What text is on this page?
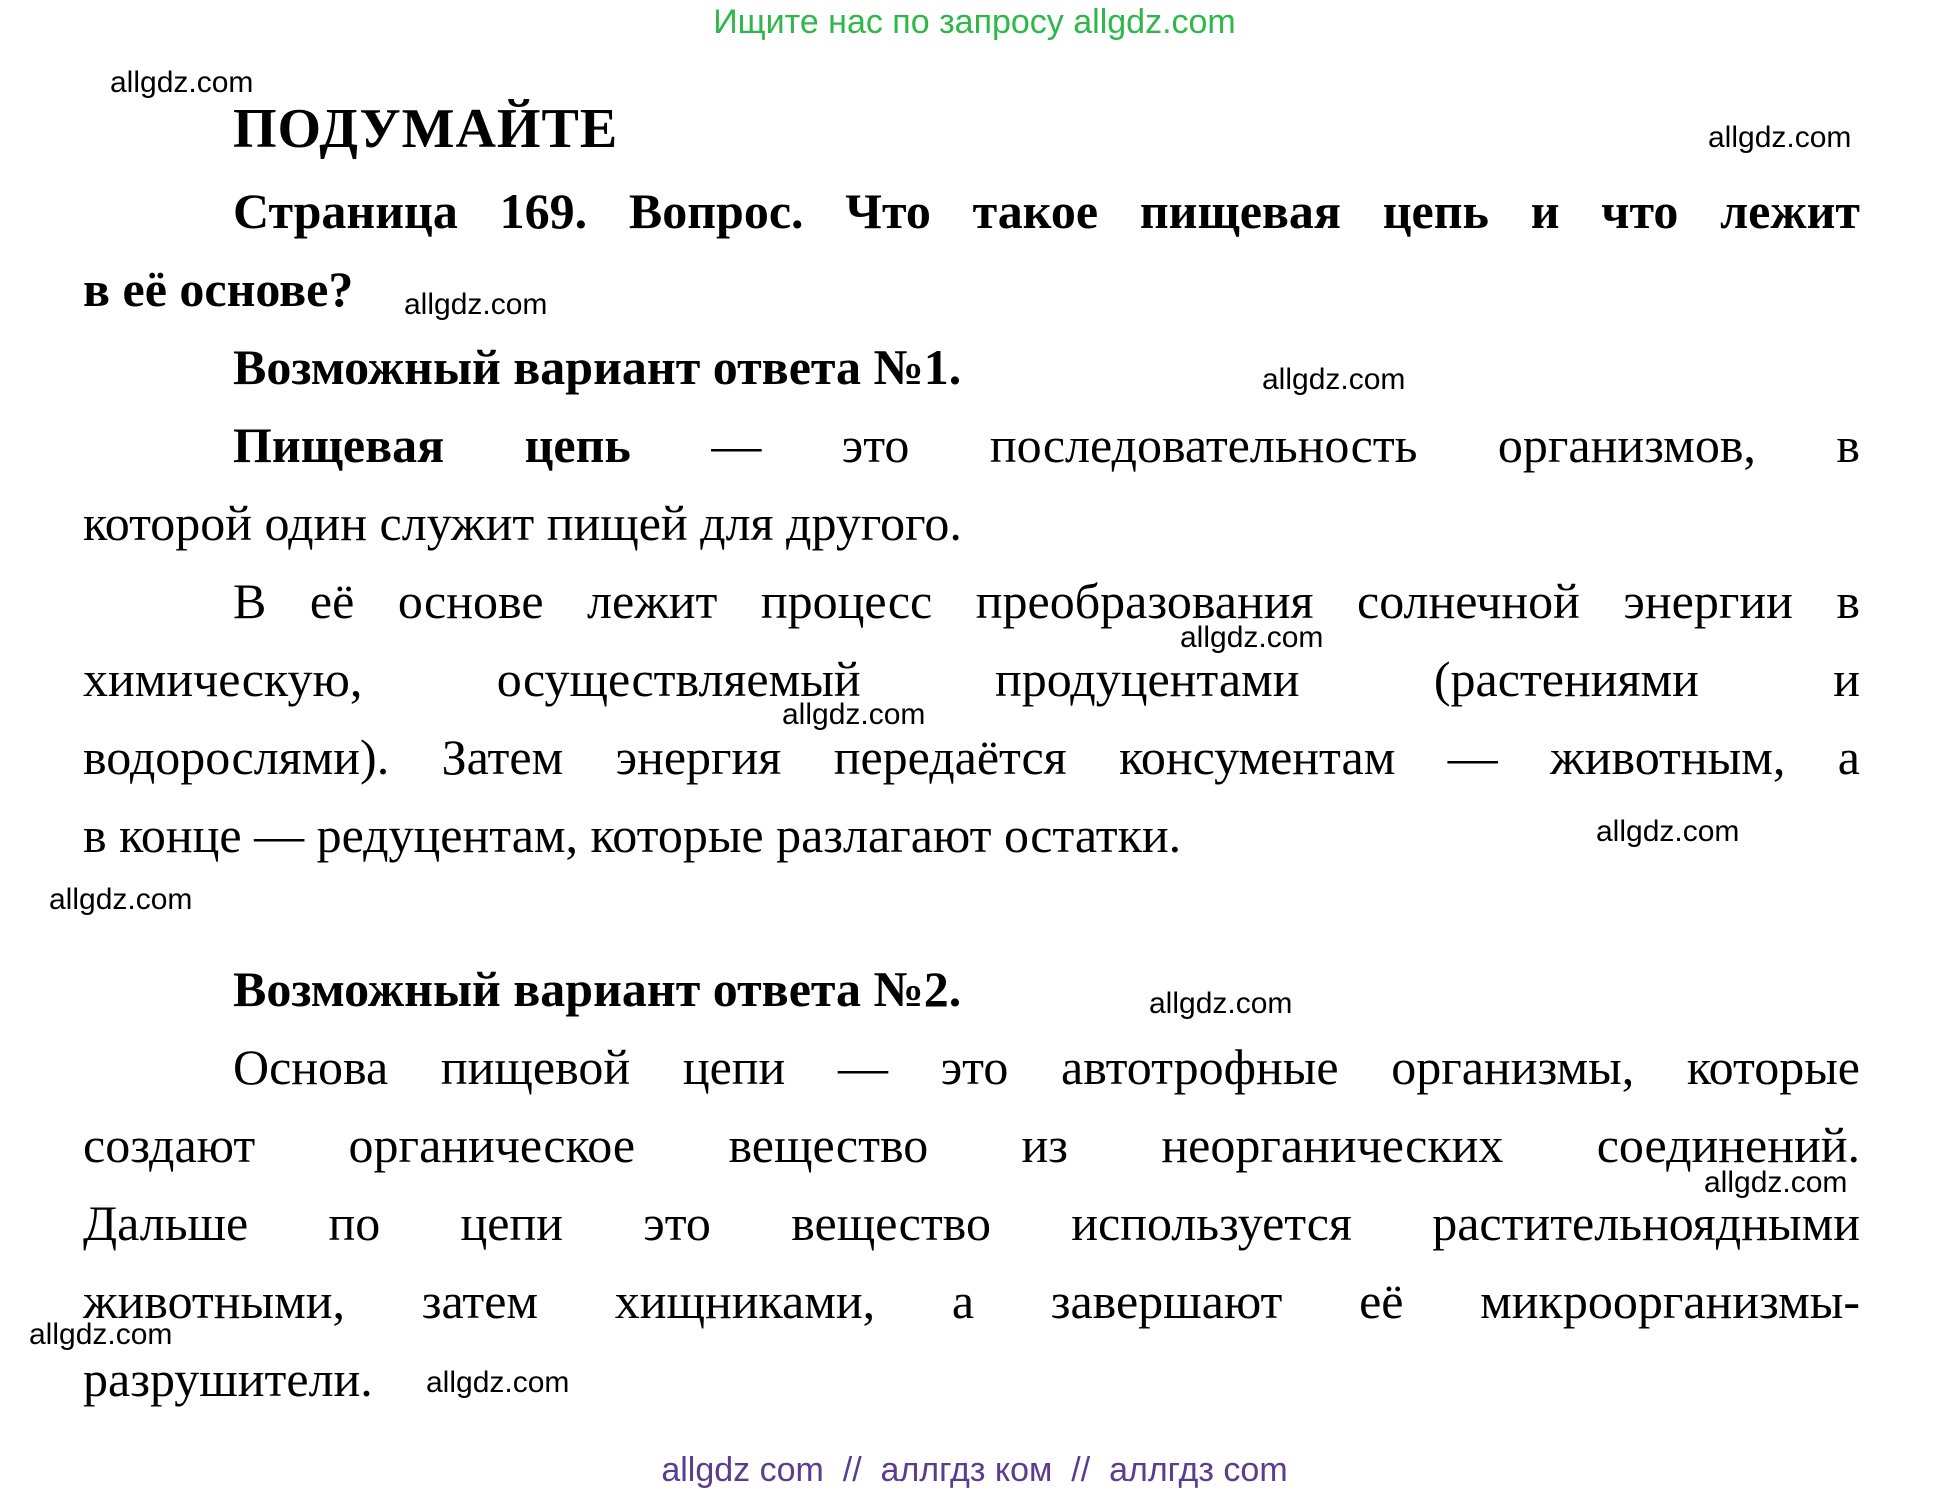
Ищите нас по запросу allgdz.com
allgdz.com
allgdz.com
allgdz.com
allgdz.com
allgdz.com
allgdz.com
allgdz.com
allgdz.com
allgdz.com
allgdz.com
allgdz.com
allgdz.com
ПОДУМАЙТЕ
Страница 169. Вопрос. Что такое пищевая цепь и что лежит
в её основе?
Возможный вариант ответа №1.
Пищевая цепь — это последовательность организмов, в
которой один служит пищей для другого.
В её основе лежит процесс преобразования солнечной энергии в
химическую, осуществляемый продуцентами (растениями и
водорослями). Затем энергия передаётся консументам — животным, а
в конце — редуцентам, которые разлагают остатки.
Возможный вариант ответа №2.
Основа пищевой цепи — это автотрофные организмы, которые
создают органическое вещество из неорганических соединений.
Дальше по цепи это вещество используется растительноядными
животными, затем хищниками, а завершают её микроорганизмы-
разрушители.
allgdz com  //  аллгдз ком  //  аллгдз com
